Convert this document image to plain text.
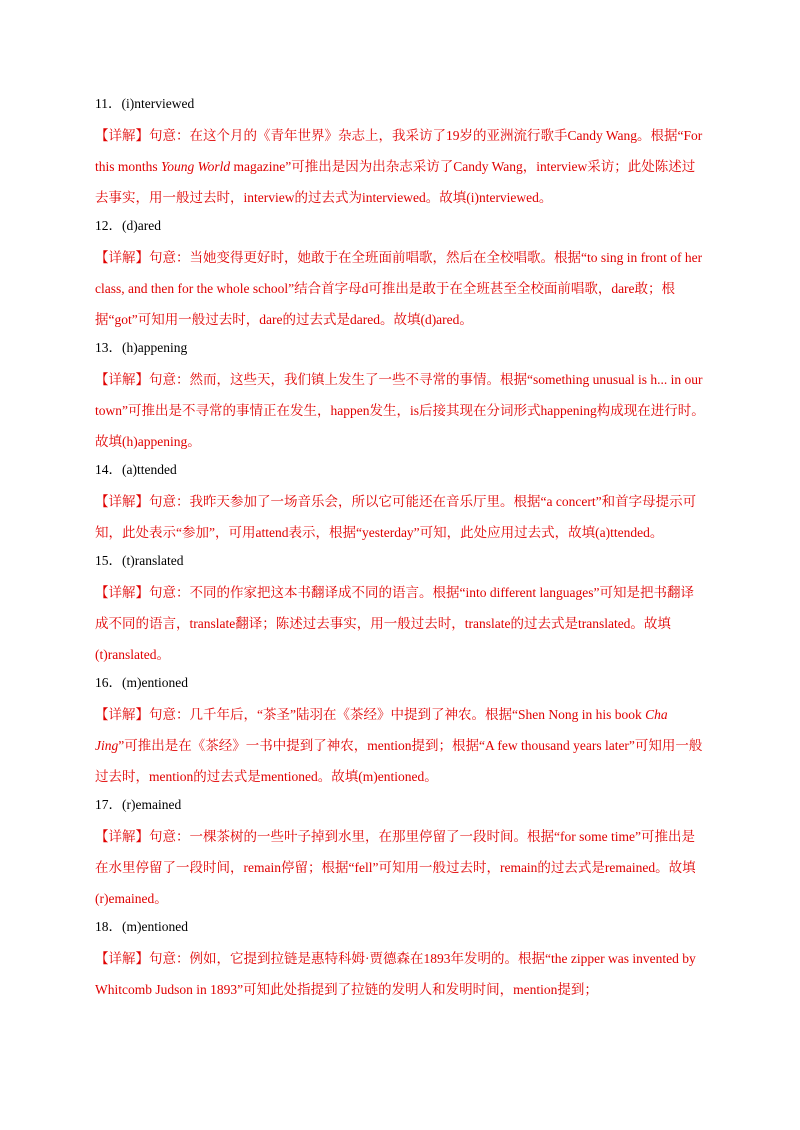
11．(i)nterviewed
【详解】句意：在这个月的《青年世界》杂志上，我采访了19岁的亚洲流行歌手Candy Wang。根据“For this months Young World magazine”可推出是因为出杂志采访了Candy Wang，interview采访；此处陈述过去事实，用一般过去时，interview的过去式为interviewed。故填(i)nterviewed。
12．(d)ared
【详解】句意：当她变得更好时，她敢于在全班面前唱歌，然后在全校唱歌。根据“to sing in front of her class, and then for the whole school”结合首字母d可推出是敢于在全班甚至全校面前唱歌，dare敢；根据“got”可知用一般过去时，dare的过去式是dared。故填(d)ared。
13．(h)appening
【详解】句意：然而，这些天，我们镇上发生了一些不寻常的事情。根据“something unusual is h... in our town”可推出是不寻常的事情正在发生，happen发生，is后接其现在分词形式happening构成现在进行时。故填(h)appening。
14．(a)ttended
【详解】句意：我昨天参加了一场音乐会，所以它可能还在音乐厅里。根据“a concert”和首字母提示可知，此处表示“参加”，可用attend表示，根据“yesterday”可知，此处应用过去式，故填(a)ttended。
15．(t)ranslated
【详解】句意：不同的作家把这本书翻译成不同的语言。根据“into different languages”可知是把书翻译成不同的语言，translate翻译；陈述过去事实，用一般过去时，translate的过去式是translated。故填(t)ranslated。
16．(m)entioned
【详解】句意：几千年后，“茶圣”陆羽在《茶经》中提到了神农。根据“Shen Nong in his book Cha Jing”可推出是在《茶经》一书中提到了神农，mention提到；根据“A few thousand years later”可知用一般过去时，mention的过去式是mentioned。故填(m)entioned。
17．(r)emained
【详解】句意：一棵茶树的一些叶子掉到水里，在那里停留了一段时间。根据“for some time”可推出是在水里停留了一段时间，remain停留；根据“fell”可知用一般过去时，remain的过去式是remained。故填(r)emained。
18．(m)entioned
【详解】句意：例如，它提到拉链是惠特科姆·贾德森在1893年发明的。根据“the zipper was invented by Whitcomb Judson in 1893”可知此处指提到了拉链的发明人和发明时间，mention提到；
